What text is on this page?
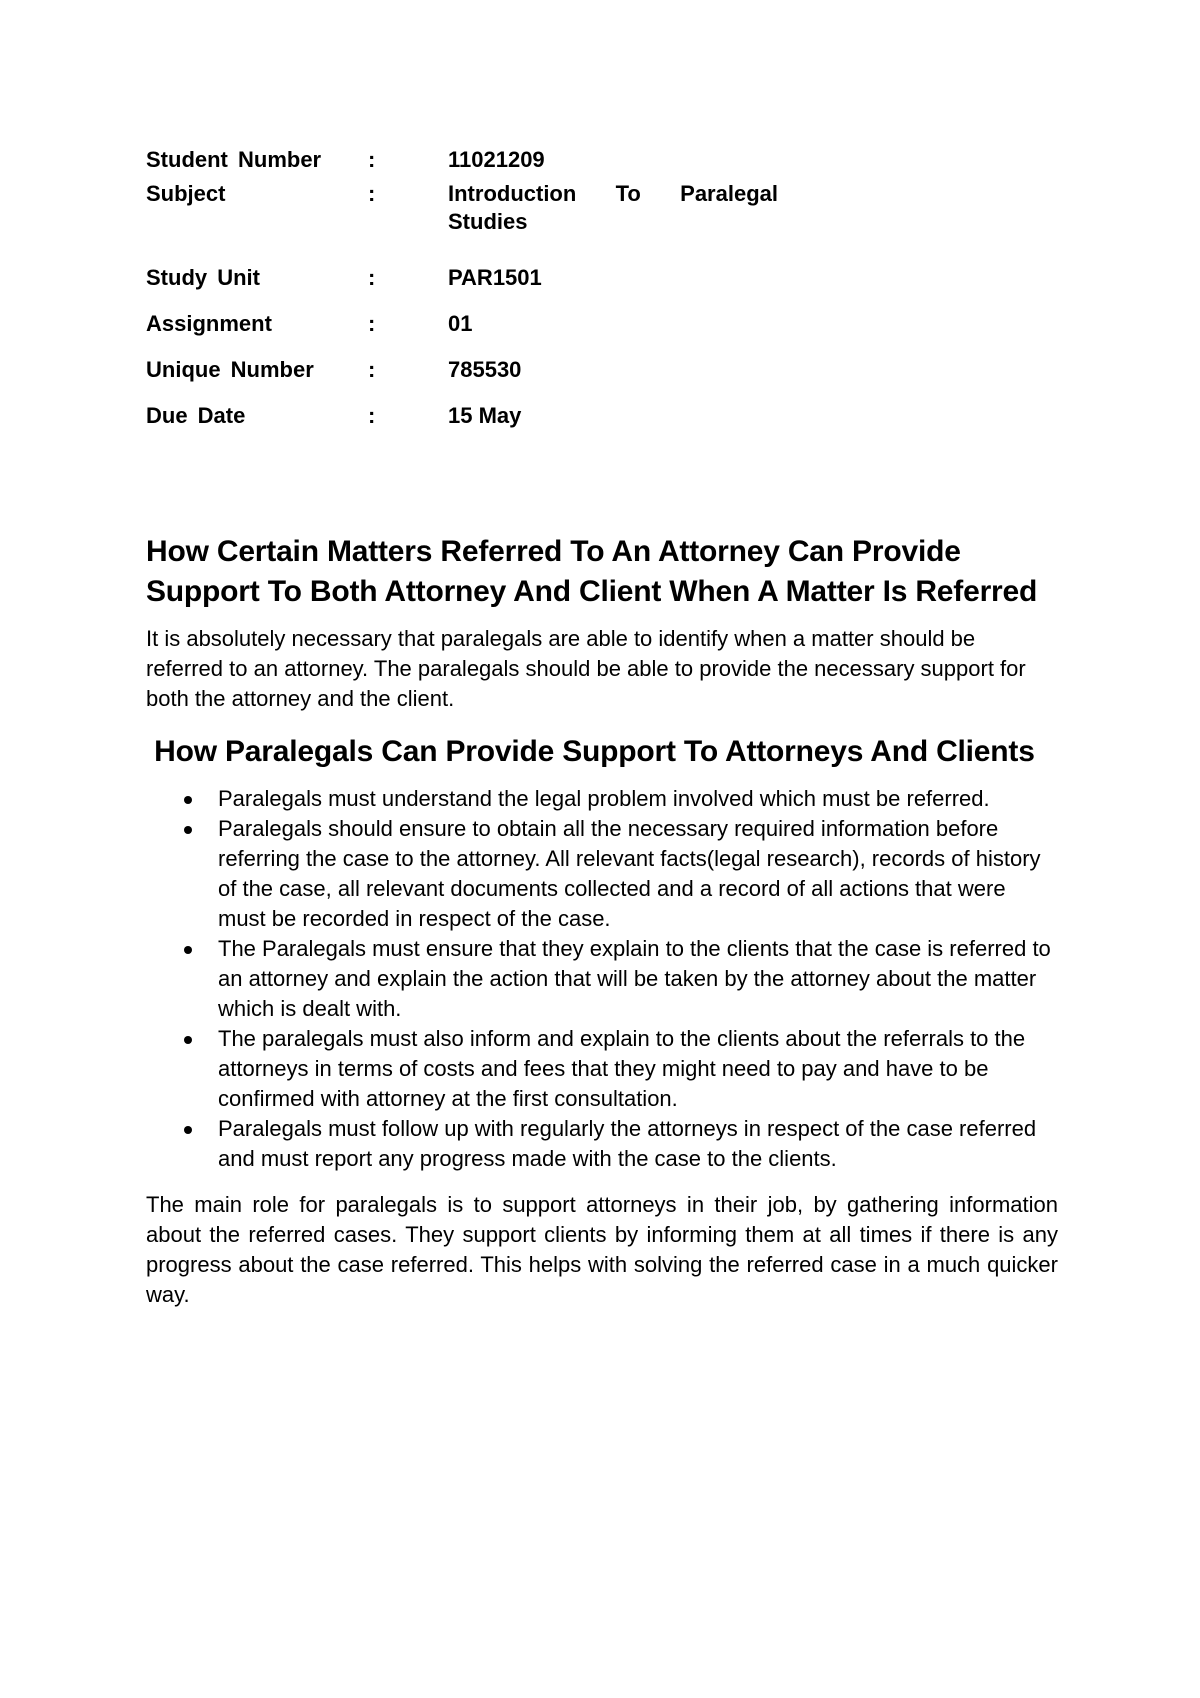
Student Number	:	11021209
Subject	:	Introduction To Paralegal Studies
Study Unit	:	PAR1501
Assignment	:	01
Unique Number	:	785530
Due Date	:	15 May
How Certain Matters Referred To An Attorney Can Provide Support To Both Attorney And Client When A Matter Is Referred

It is absolutely necessary that paralegals are able to identify when a matter should be referred to an attorney. The paralegals should be able to provide the necessary support for both the attorney and the client.

How Paralegals Can Provide Support To Attorneys And Clients
Paralegals must understand the legal problem involved which must be referred.
Paralegals should ensure to obtain all the necessary required information before referring the case to the attorney. All relevant facts(legal research), records of history of the case, all relevant documents collected and a record of all actions that were must be recorded in respect of the case.
The Paralegals must ensure that they explain to the clients that the case is referred to an attorney and explain the action that will be taken by the attorney about the matter which is dealt with.
The paralegals must also inform and explain to the clients about the referrals to the attorneys in terms of costs and fees that they might need to pay and have to be confirmed with attorney at the first consultation.
Paralegals must follow up with regularly the attorneys in respect of the case referred and must report any progress made with the case to the clients.

The main role for paralegals is to support attorneys in their job, by gathering information about the referred cases. They support clients by informing them at all times if there is any progress about the case referred. This helps with solving the referred case in a much quicker way.
